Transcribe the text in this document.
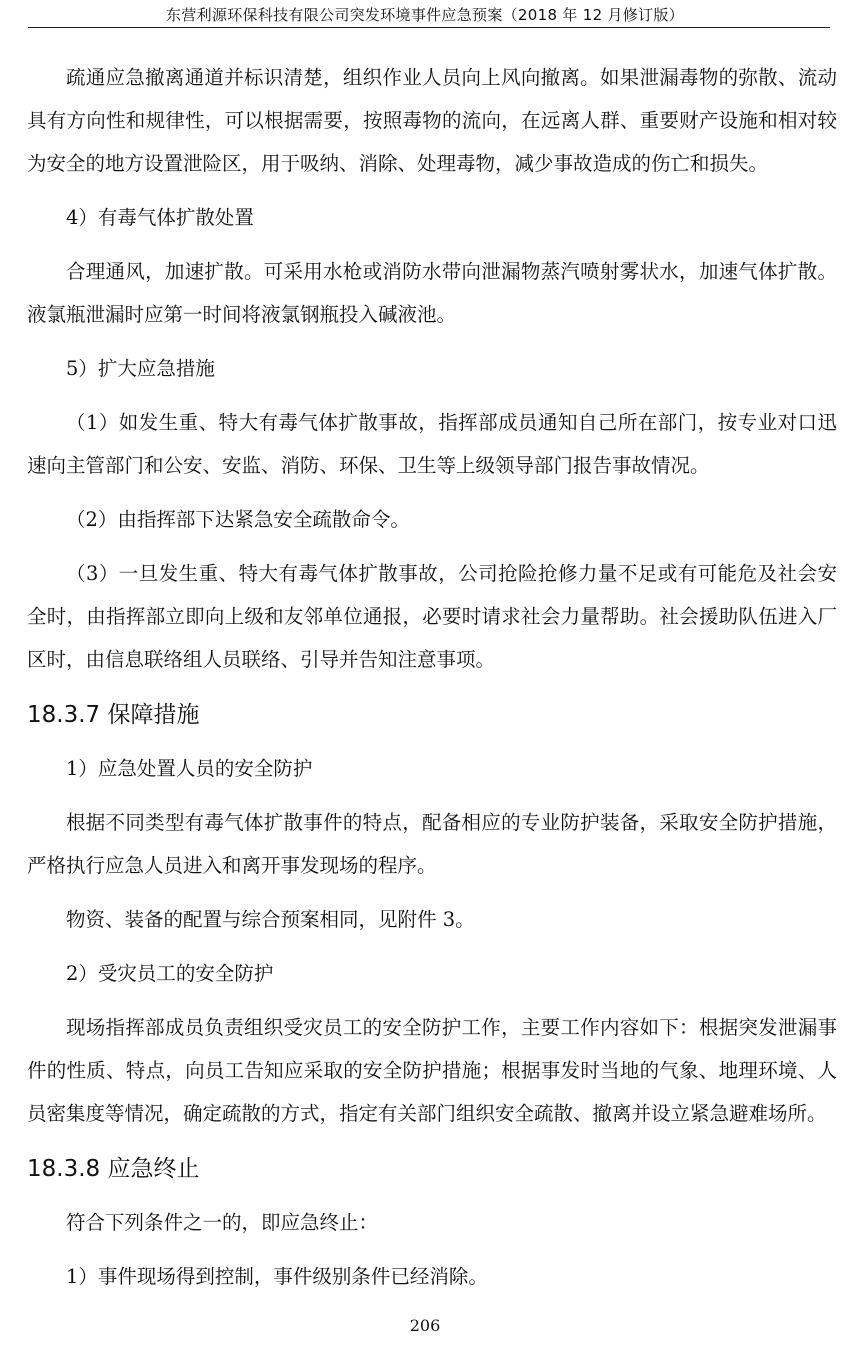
东营利源环保科技有限公司突发环境事件应急预案（2018 年 12 月修订版）

疏通应急撤离通道并标识清楚，组织作业人员向上风向撤离。如果泄漏毒物的弥散、流动具有方向性和规律性，可以根据需要，按照毒物的流向，在远离人群、重要财产设施和相对较为安全的地方设置泄险区，用于吸纳、消除、处理毒物，减少事故造成的伤亡和损失。

4）有毒气体扩散处置

合理通风，加速扩散。可采用水枪或消防水带向泄漏物蒸汽喷射雾状水，加速气体扩散。液氯瓶泄漏时应第一时间将液氯钢瓶投入碱液池。

5）扩大应急措施

（1）如发生重、特大有毒气体扩散事故，指挥部成员通知自己所在部门，按专业对口迅速向主管部门和公安、安监、消防、环保、卫生等上级领导部门报告事故情况。

（2）由指挥部下达紧急安全疏散命令。

（3）一旦发生重、特大有毒气体扩散事故，公司抢险抢修力量不足或有可能危及社会安全时，由指挥部立即向上级和友邻单位通报，必要时请求社会力量帮助。社会援助队伍进入厂区时，由信息联络组人员联络、引导并告知注意事项。

18.3.7 保障措施

1）应急处置人员的安全防护

根据不同类型有毒气体扩散事件的特点，配备相应的专业防护装备，采取安全防护措施，严格执行应急人员进入和离开事发现场的程序。

物资、装备的配置与综合预案相同，见附件 3。

2）受灾员工的安全防护

现场指挥部成员负责组织受灾员工的安全防护工作，主要工作内容如下：根据突发泄漏事件的性质、特点，向员工告知应采取的安全防护措施；根据事发时当地的气象、地理环境、人员密集度等情况，确定疏散的方式，指定有关部门组织安全疏散、撤离并设立紧急避难场所。

18.3.8 应急终止

符合下列条件之一的，即应急终止：

1）事件现场得到控制，事件级别条件已经消除。

206
